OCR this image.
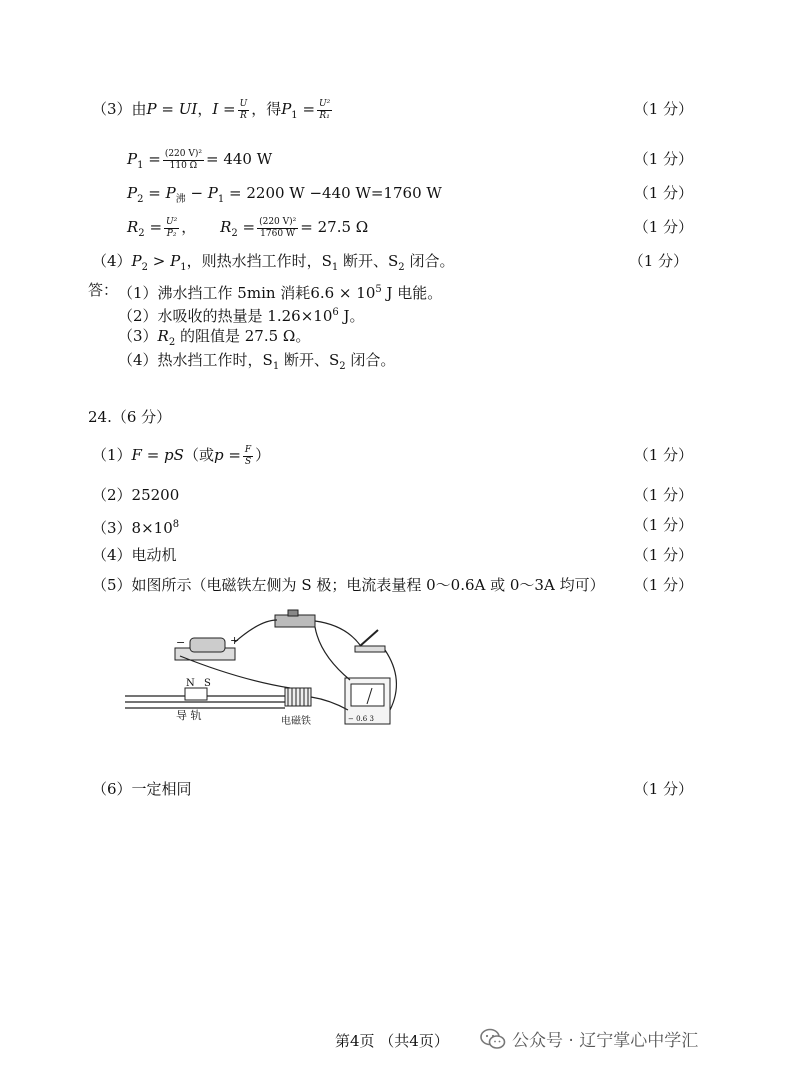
（3）由P = UI，$I = \frac{U}{R}$ ，得$P_1 = \frac{\text{U²}}{\text{R₁}}$	（1 分）
$P_1 = \frac{\text{(220 V)²}}{110 \Omega} = 440$ W	（1 分）
$P_2 = P_沸 - P_1 = 2200$ W −440 W=1760 W	（1 分）
$R_2 = \frac{\text{U²}}{\text{P₂}}$ ， $R_2 = \frac{\text{(220 V)²}}{1760 W} = 27.5$ Ω	（1 分）
$(4)P_2 > P_1$，则热水挡工作时，$S_1$ 断开、$S_2$ 闭合。	（1 分）
答： （1）沸水挡工作 5min 消耗$6.6 \times 10^5$ J 电能。
（2）水吸收的热量是 $1.26\times 10^6$ J。
$(3)R_2$ 的阻值是 27.5 Ω。
（4）热水挡工作时，$S_1$ 断开、$S_2$ 闭合。
24.（6 分）
（1）F = pS（或$p = \frac{F}{S}$ ）	（1 分）
（2）25200	（1 分）
$(3)8\times 10^8$	（1 分）
（4）电动机	（1 分）
（5）如图所示（电磁铁左侧为 S 极；电流表量程 0～0.6A 或 0～3A 均可） （1 分）
导 轨
N S
−	+
电磁铁	− 0.6 3
（6）一定相同	（1 分）
第4页 （共4页）	公众号 · 辽宁掌心中学汇
